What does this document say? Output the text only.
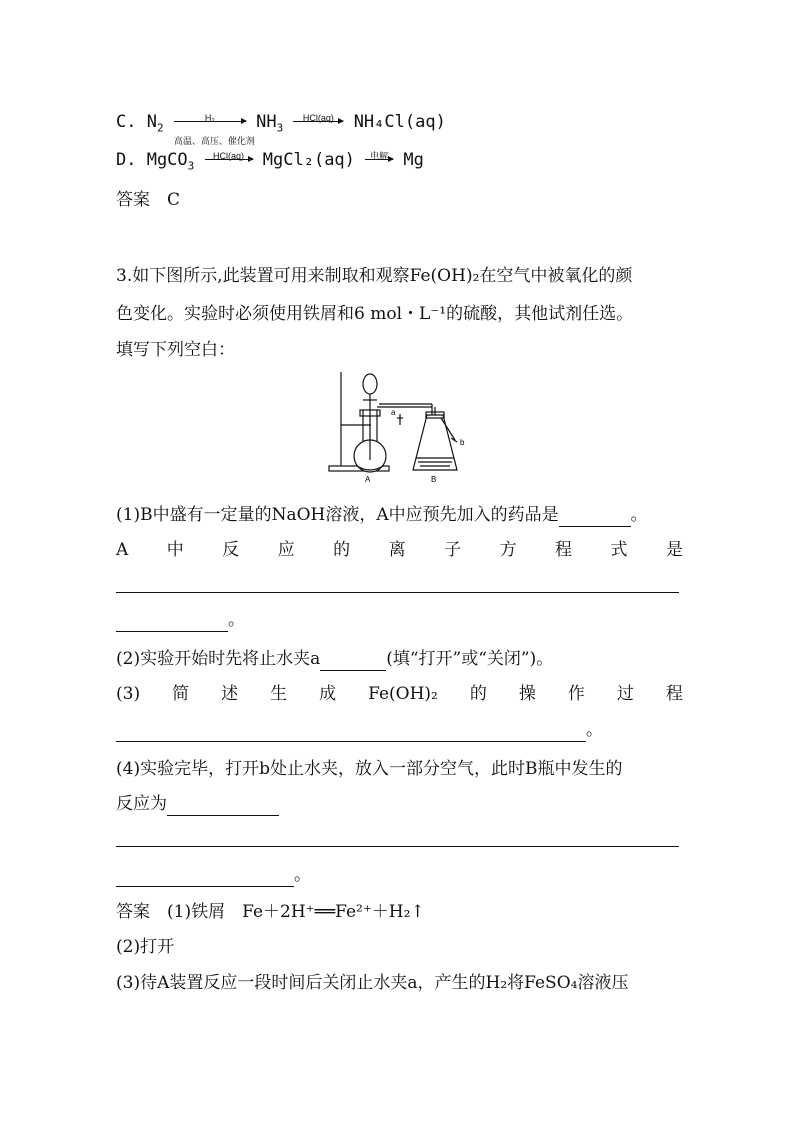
C. $N_2$
H₂
高温、高压、催化剂
$NH_3$
HCl(aq)	NH₄Cl(aq)
D. MgCO$_3$
HCl(aq)	MgCl₂(aq)	电解 Mg
答案　 C
3.如下图所示,此装置可用来制取和观察Fe(OH)₂在空气中被氧化的颜
色变化。实验时必须使用铁屑和6 mol・L⁻¹的硫酸，其他试剂任选。
填写下列空白：
a
b
A	B
(1)B中盛有一定量的NaOH溶液，A中应预先加入的药品是	。
A 中 反 应 的 离 子 方 程 式 是
。
(2)实验开始时先将止水夹a	(填“打开”或“关闭”)。
(3) 简 述 生 成 Fe(OH)₂ 的 操 作 过 程
。
(4)实验完毕，打开b处止水夹，放入一部分空气，此时B瓶中发生的
反应为
。
答案　 (1)铁屑　Fe＋2H⁺══Fe²⁺＋H₂↑
(2)打开
(3)待A装置反应一段时间后关闭止水夹a，产生的H₂将FeSO₄溶液压
